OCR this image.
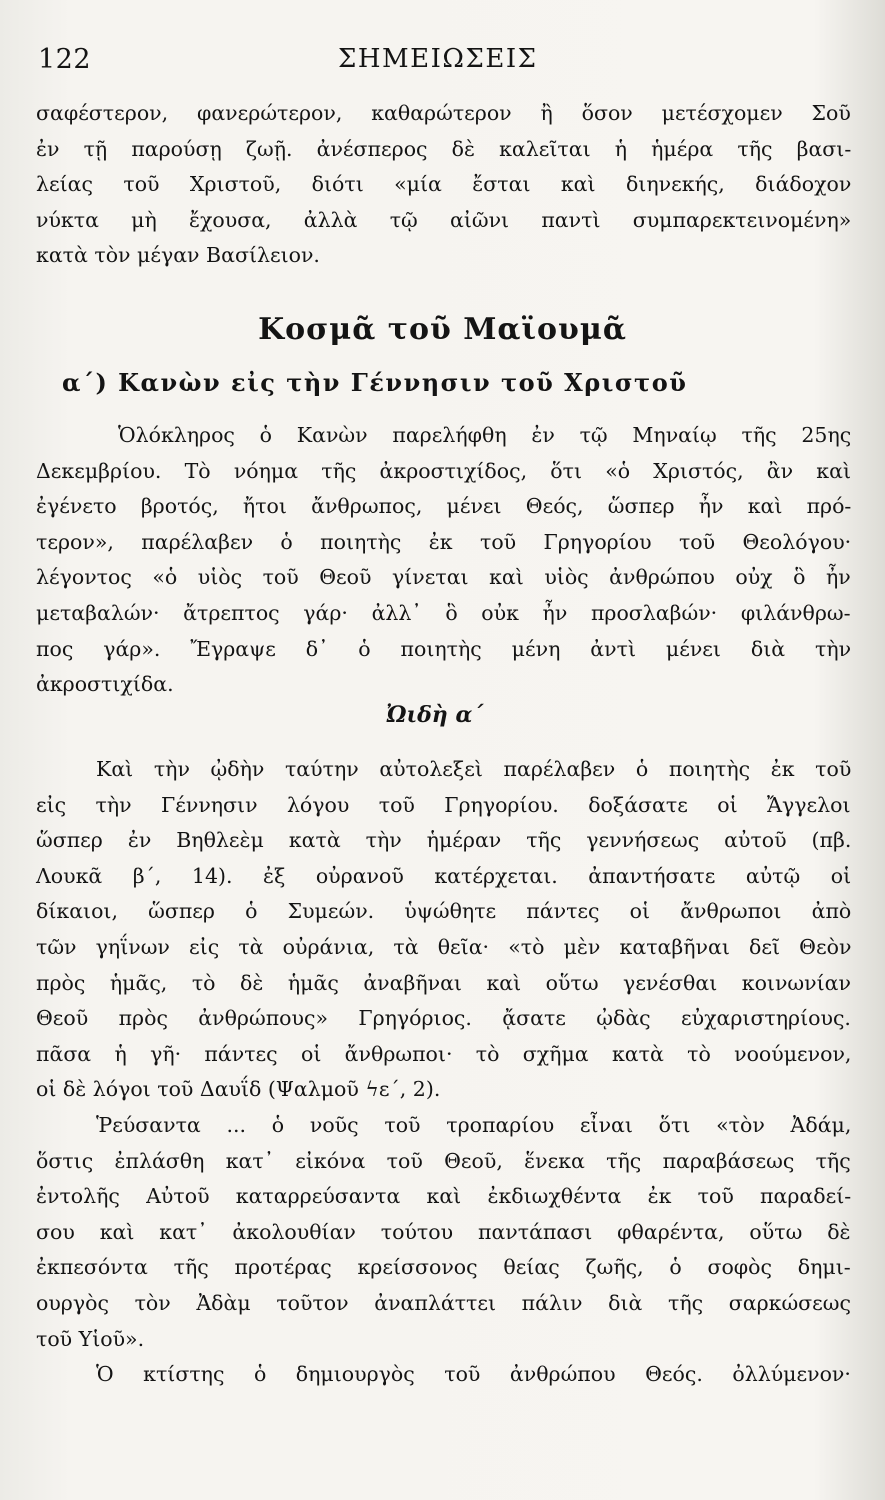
122	ΣΗΜΕΙΩΣΕΙΣ
σαφέστερον, φανερώτερον, καθαρώτερον ἢ ὅσον μετέσχομεν Σοῦ
ἐν τῇ παρούσῃ ζωῇ. ἀνέσπερος δὲ καλεῖται ἡ ἡμέρα τῆς βασι-
λείας τοῦ Χριστοῦ, διότι «μία ἔσται καὶ διηνεκής, διάδοχον
νύκτα μὴ ἔχουσα, ἀλλὰ τῷ αἰῶνι παντὶ συμπαρεκτεινομένη»
κατὰ τὸν μέγαν Βασίλειον.
Κοσμᾶ τοῦ Μαϊουμᾶ
α΄) Κανὼν εἰς τὴν Γέννησιν τοῦ Χριστοῦ
Ὁλόκληρος ὁ Κανὼν παρελήφθη ἐν τῷ Μηναίῳ τῆς 25ης
Δεκεμβρίου. Τὸ νόημα τῆς ἀκροστιχίδος, ὅτι «ὁ Χριστός, ἂν καὶ
ἐγένετο βροτός, ἤτοι ἄνθρωπος, μένει Θεός, ὥσπερ ἦν καὶ πρό-
τερον», παρέλαβεν ὁ ποιητὴς ἐκ τοῦ Γρηγορίου τοῦ Θεολόγου·
λέγοντος «ὁ υἱὸς τοῦ Θεοῦ γίνεται καὶ υἱὸς ἀνθρώπου οὐχ ὃ ἦν
μεταβαλών· ἄτρεπτος γάρ· ἀλλ᾿ ὃ οὐκ ἦν προσλαβών· φιλάνθρω-
πος γάρ». Ἔγραψε δ᾿ ὁ ποιητὴς μένη ἀντὶ μένει διὰ τὴν
ἀκροστιχίδα.
Ὠιδὴ α΄
Καὶ τὴν ᾠδὴν ταύτην αὐτολεξεὶ παρέλαβεν ὁ ποιητὴς ἐκ τοῦ
εἰς τὴν Γέννησιν λόγου τοῦ Γρηγορίου. δοξάσατε οἱ Ἄγγελοι
ὥσπερ ἐν Βηθλεὲμ κατὰ τὴν ἡμέραν τῆς γεννήσεως αὐτοῦ (πβ.
Λουκᾶ β΄, 14). ἐξ οὐρανοῦ κατέρχεται. ἀπαντήσατε αὐτῷ οἱ
δίκαιοι, ὥσπερ ὁ Συμεών. ὑψώθητε πάντες οἱ ἄνθρωποι ἀπὸ
τῶν γηΐνων εἰς τὰ οὐράνια, τὰ θεῖα· «τὸ μὲν καταβῆναι δεῖ Θεὸν
πρὸς ἡμᾶς, τὸ δὲ ἡμᾶς ἀναβῆναι καὶ οὕτω γενέσθαι κοινωνίαν
Θεοῦ πρὸς ἀνθρώπους» Γρηγόριος. ᾄσατε ᾠδὰς εὐχαριστηρίους.
πᾶσα ἡ γῆ· πάντες οἱ ἄνθρωποι· τὸ σχῆμα κατὰ τὸ νοούμενον,
οἱ δὲ λόγοι τοῦ Δαυΐδ (Ψαλμοῦ ϟε΄, 2).
Ῥεύσαντα ... ὁ νοῦς τοῦ τροπαρίου εἶναι ὅτι «τὸν Ἀδάμ,
ὅστις ἐπλάσθη κατ᾿ εἰκόνα τοῦ Θεοῦ, ἕνεκα τῆς παραβάσεως τῆς
ἐντολῆς Αὐτοῦ καταρρεύσαντα καὶ ἐκδιωχθέντα ἐκ τοῦ παραδεί-
σου καὶ κατ᾿ ἀκολουθίαν τούτου παντάπασι φθαρέντα, οὕτω δὲ
ἐκπεσόντα τῆς προτέρας κρείσσονος θείας ζωῆς, ὁ σοφὸς δημι-
ουργὸς τὸν Ἀδὰμ τοῦτον ἀναπλάττει πάλιν διὰ τῆς σαρκώσεως
τοῦ Υἱοῦ».
Ὁ κτίστης ὁ δημιουργὸς τοῦ ἀνθρώπου Θεός. ὀλλύμενον·
